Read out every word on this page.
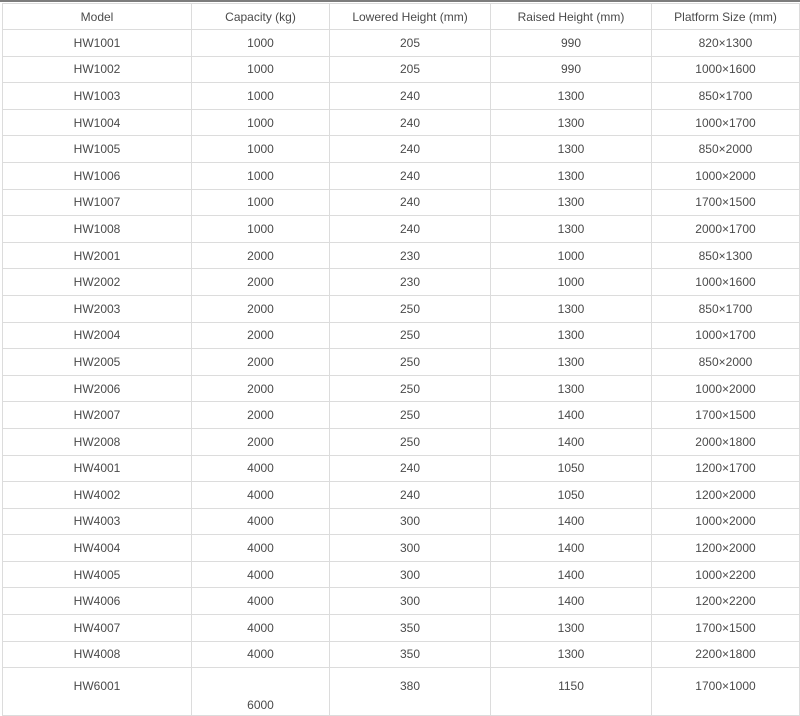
Model	Capacity (kg)	Lowered Height (mm)	Raised Height (mm)	Platform Size (mm)
HW1001	1000	205	990	820×1300
HW1002	1000	205	990	1000×1600
HW1003	1000	240	1300	850×1700
HW1004	1000	240	1300	1000×1700
HW1005	1000	240	1300	850×2000
HW1006	1000	240	1300	1000×2000
HW1007	1000	240	1300	1700×1500
HW1008	1000	240	1300	2000×1700
HW2001	2000	230	1000	850×1300
HW2002	2000	230	1000	1000×1600
HW2003	2000	250	1300	850×1700
HW2004	2000	250	1300	1000×1700
HW2005	2000	250	1300	850×2000
HW2006	2000	250	1300	1000×2000
HW2007	2000	250	1400	1700×1500
HW2008	2000	250	1400	2000×1800
HW4001	4000	240	1050	1200×1700
HW4002	4000	240	1050	1200×2000
HW4003	4000	300	1400	1000×2000
HW4004	4000	300	1400	1200×2000
HW4005	4000	300	1400	1000×2200
HW4006	4000	300	1400	1200×2200
HW4007	4000	350	1300	1700×1500
HW4008	4000	350	1300	2200×1800
HW6001	6000	380	1150	1700×1000
